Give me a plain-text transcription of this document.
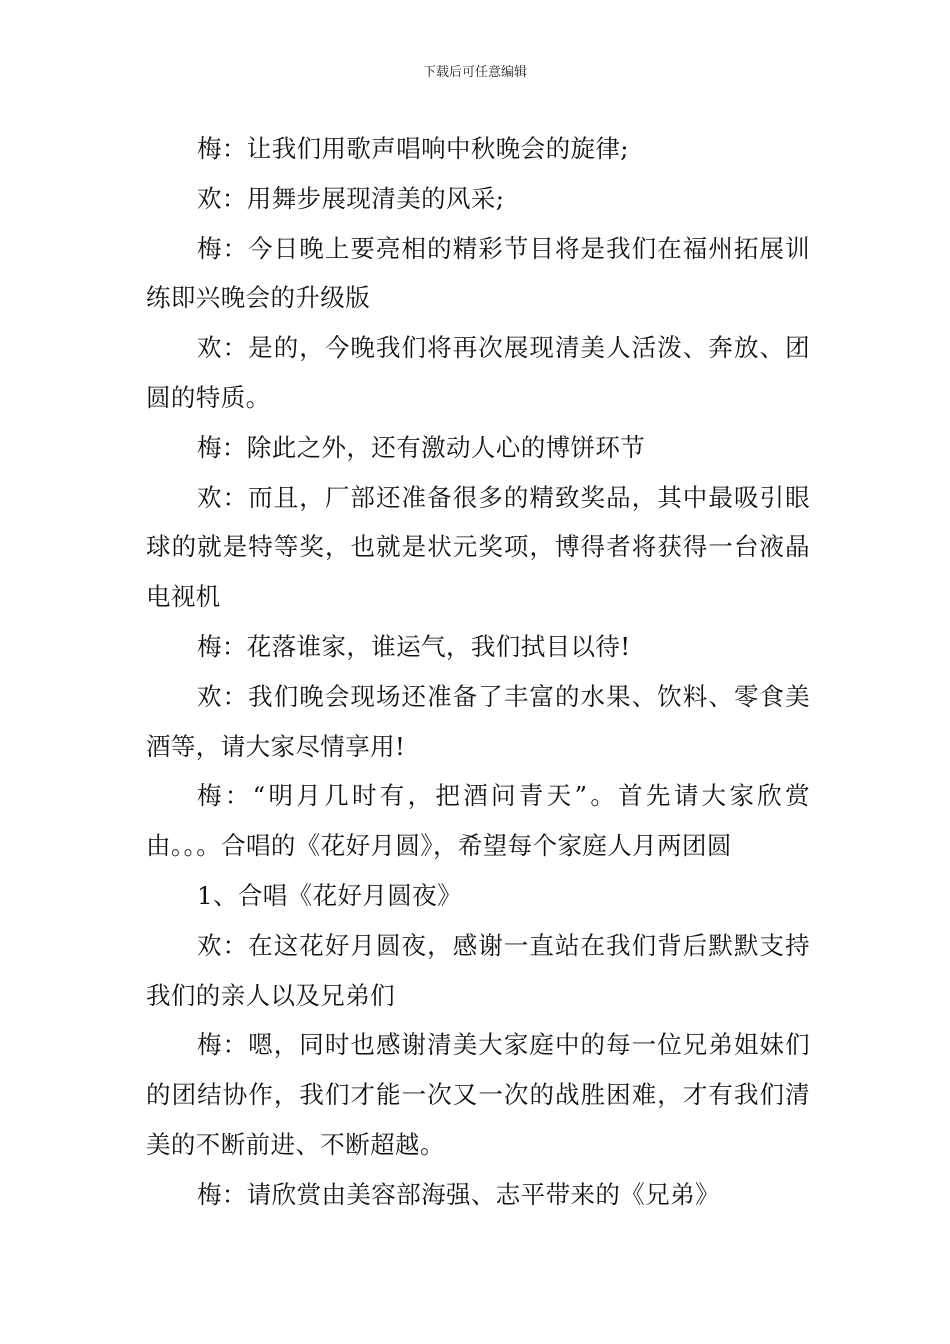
下载后可任意编辑

梅：让我们用歌声唱响中秋晚会的旋律;

欢：用舞步展现清美的风采;

梅：今日晚上要亮相的精彩节目将是我们在福州拓展训练即兴晚会的升级版

欢：是的，今晚我们将再次展现清美人活泼、奔放、团圆的特质。

梅：除此之外，还有激动人心的博饼环节

欢：而且，厂部还准备很多的精致奖品，其中最吸引眼球的就是特等奖，也就是状元奖项，博得者将获得一台液晶电视机

梅：花落谁家，谁运气，我们拭目以待!

欢：我们晚会现场还准备了丰富的水果、饮料、零食美酒等，请大家尽情享用!

梅：“明月几时有，把酒问青天”。首先请大家欣赏由。。。合唱的《花好月圆》，希望每个家庭人月两团圆

1、合唱《花好月圆夜》

欢：在这花好月圆夜，感谢一直站在我们背后默默支持我们的亲人以及兄弟们

梅：嗯，同时也感谢清美大家庭中的每一位兄弟姐妹们的团结协作，我们才能一次又一次的战胜困难，才有我们清美的不断前进、不断超越。

梅：请欣赏由美容部海强、志平带来的《兄弟》
